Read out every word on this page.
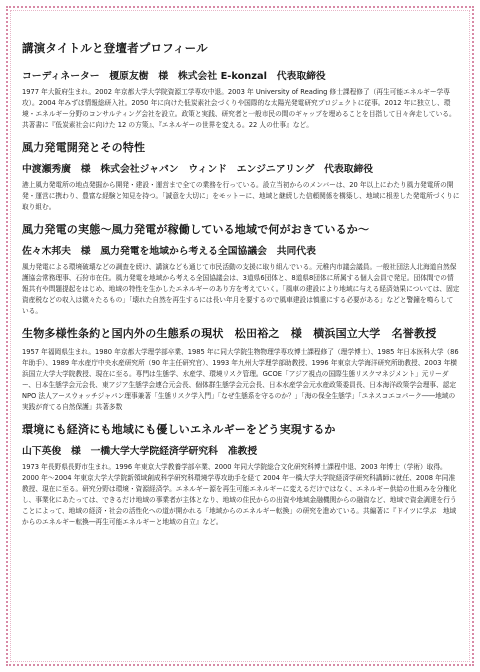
講演タイトルと登壇者プロフィール
コーディネーター　榎原友樹　様　株式会社 E-konzal　代表取締役

1977 年大阪府生まれ。2002 年京都大学大学院資源工学専攻中退。2003 年 University of Reading 修士課程修了（再生可能エネルギー学専攻）。2004 年みずほ情報総研入社。2050 年に向けた低炭素社会づくりや国際的な太陽光発電研究プロジェクトに従事。2012 年に独立し、環境・エネルギー分野のコンサルティング会社を設立。政策と実践、研究者と一般市民の間のギャップを埋めることを目指して日々奔走している。共著書に『低炭素社会に向けた 12 の方策』、『エネルギーの世界を変える。22 人の仕事』など。

風力発電開発とその特性
中渡瀬秀廣　様　株式会社ジャパン　ウィンド　エンジニアリング　代表取締役

港上風力発電所の地点発掘から開発・建設・運営まで全ての業務を行っている。設立当初からのメンバーは、20 年以上にわたり風力発電所の開発・運営に携わり、豊富な経験と知見を持つ。「誠意を大切に」をモットーに、地域と継続した信頼関係を構築し、地域に根差した発電所づくりに取り組む。

風力発電の実態～風力発電が稼働している地域で何がおきているか～
佐々木邦夫　様　風力発電を地域から考える全国協議会　共同代表

風力発電による環境破壊などの調査を続け、講演なども通じて市民活動の支援に取り組んでいる。元稚内市議会議員。一般社団法人北海道自然保護協会常務理事、石狩市在住。風力発電を地域から考える全国協議会は、3道県6団体と、8道県8団体に所属する個人会員で発足。団体間での情報共有や問題提起をはじめ、地域の特性を生かしたエネルギーのあり方を考えていく。「風車の建設により地域に与える経済効果については、固定資産税などの収入は微々たるもの」「壊れた自然を再生するには長い年月を要するので風車建設は慎重にする必要がある」などと警鐘を鳴らしている。

生物多様性条約と国内外の生態系の現状　松田裕之　様　横浜国立大学　名誉教授

1957 年福岡県生まれ。1980 年京都大学理学部卒業、1985 年に同大学院生物物理学専攻博士課程修了（理学博士）、1985 年日本医科大学（86 年助手）、1989 年水産庁中央水産研究所（90 年主任研究官）、1993 年九州大学理学部助教授、1996 年東京大学海洋研究所助教授、2003 年横浜国立大学大学院教授、現在に至る。専門は生態学、水産学、環境リスク管理。GCOE「アジア視点の国際生態リスクマネジメント」元リーダー、日本生態学会元会長、東アジア生態学会連合元会長、個体群生態学会元会長、日本水産学会元水産政策委員長、日本海洋政策学会理事、認定 NPO 法人アースウォッチジャパン理事兼著「生態リスク学入門」「なぜ生態系を守るのか？」「海の保全生態学」「ユネスコエコパーク――地域の実践が育てる自然保護」共著多数

環境にも経済にも地域にも優しいエネルギーをどう実現するか
山下英俊　様　一橋大学大学院経済学研究科　准教授

1973 年長野県長野市生まれ。1996 年東京大学教養学部卒業、2000 年同大学院総合文化研究科博士課程中退、2003 年博士（学術）取得。2000 年～2004 年東京大学大学院新領域創成科学研究科環境学専攻助手を経て 2004 年一橋大学大学院経済学研究科講師に就任、2008 年同准教授、現在に至る。研究分野は環境・資源経済学。エネルギー源を再生可能エネルギーに変えるだけではなく、エネルギー供給の仕組みを分権化し、事業化にあたっては、できるだけ地域の事業者が主体となり、地域の住民からの出資や地域金融機関からの融資など、地域で資金調達を行うことによって、地域の経済・社会の活性化への道が開かれる「地域からのエネルギー転換」の研究を進めている。共編著に『ドイツに学ぶ　地域からのエネルギー転換―再生可能エネルギーと地域の自立』など。
